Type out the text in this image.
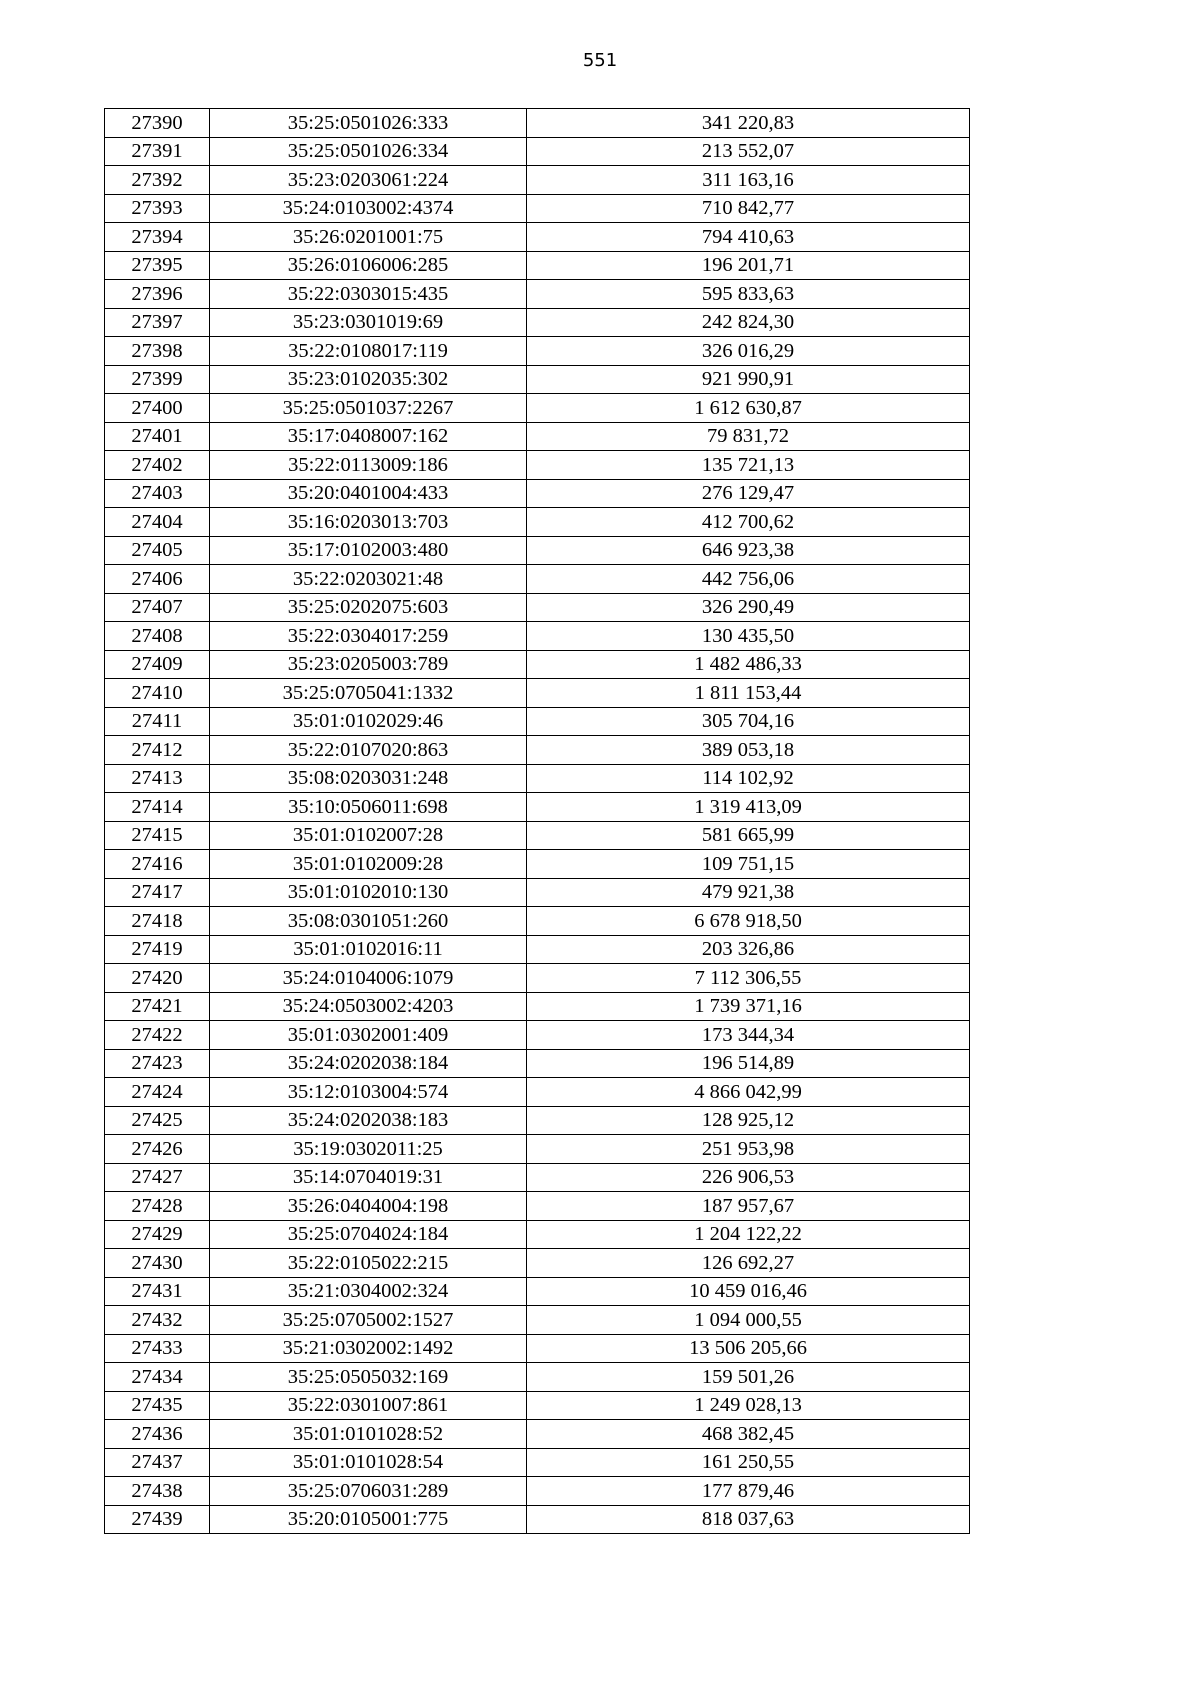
551
27390	35:25:0501026:333	341 220,83
27391	35:25:0501026:334	213 552,07
27392	35:23:0203061:224	311 163,16
27393	35:24:0103002:4374	710 842,77
27394	35:26:0201001:75	794 410,63
27395	35:26:0106006:285	196 201,71
27396	35:22:0303015:435	595 833,63
27397	35:23:0301019:69	242 824,30
27398	35:22:0108017:119	326 016,29
27399	35:23:0102035:302	921 990,91
27400	35:25:0501037:2267	1 612 630,87
27401	35:17:0408007:162	79 831,72
27402	35:22:0113009:186	135 721,13
27403	35:20:0401004:433	276 129,47
27404	35:16:0203013:703	412 700,62
27405	35:17:0102003:480	646 923,38
27406	35:22:0203021:48	442 756,06
27407	35:25:0202075:603	326 290,49
27408	35:22:0304017:259	130 435,50
27409	35:23:0205003:789	1 482 486,33
27410	35:25:0705041:1332	1 811 153,44
27411	35:01:0102029:46	305 704,16
27412	35:22:0107020:863	389 053,18
27413	35:08:0203031:248	114 102,92
27414	35:10:0506011:698	1 319 413,09
27415	35:01:0102007:28	581 665,99
27416	35:01:0102009:28	109 751,15
27417	35:01:0102010:130	479 921,38
27418	35:08:0301051:260	6 678 918,50
27419	35:01:0102016:11	203 326,86
27420	35:24:0104006:1079	7 112 306,55
27421	35:24:0503002:4203	1 739 371,16
27422	35:01:0302001:409	173 344,34
27423	35:24:0202038:184	196 514,89
27424	35:12:0103004:574	4 866 042,99
27425	35:24:0202038:183	128 925,12
27426	35:19:0302011:25	251 953,98
27427	35:14:0704019:31	226 906,53
27428	35:26:0404004:198	187 957,67
27429	35:25:0704024:184	1 204 122,22
27430	35:22:0105022:215	126 692,27
27431	35:21:0304002:324	10 459 016,46
27432	35:25:0705002:1527	1 094 000,55
27433	35:21:0302002:1492	13 506 205,66
27434	35:25:0505032:169	159 501,26
27435	35:22:0301007:861	1 249 028,13
27436	35:01:0101028:52	468 382,45
27437	35:01:0101028:54	161 250,55
27438	35:25:0706031:289	177 879,46
27439	35:20:0105001:775	818 037,63
